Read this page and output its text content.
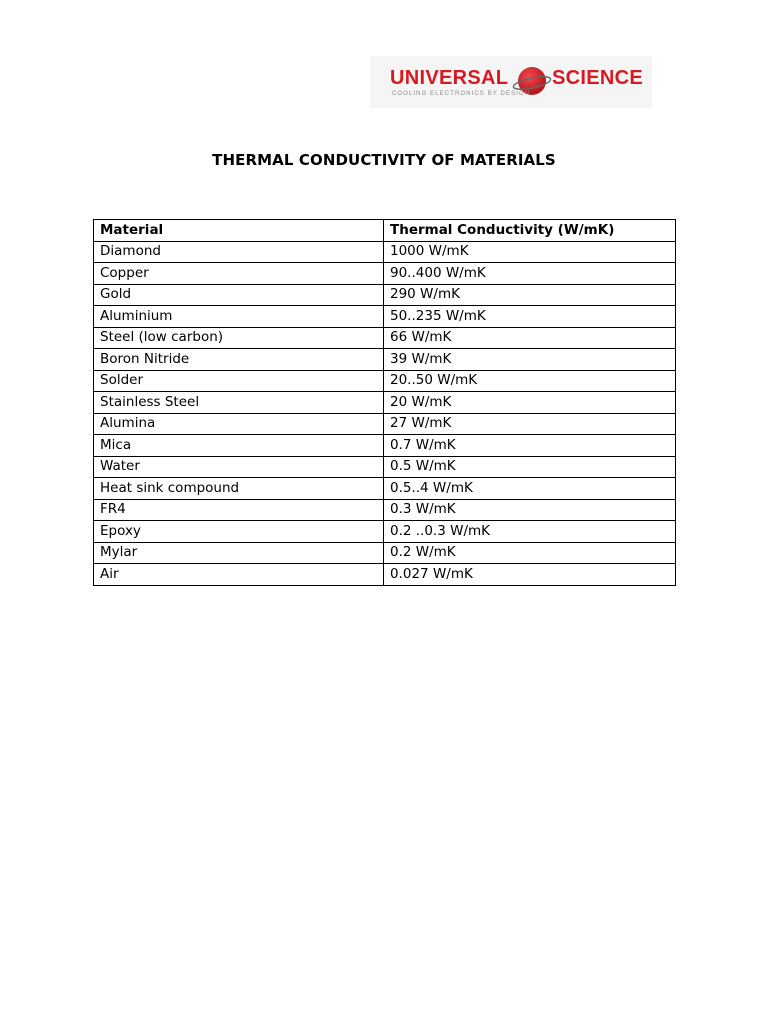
UNIVERSAL SCIENCE
COOLING ELECTRONICS BY DESIGN
THERMAL CONDUCTIVITY OF MATERIALS
Material	Thermal Conductivity (W/mK)
Diamond	1000 W/mK
Copper	90..400 W/mK
Gold	290 W/mK
Aluminium	50..235 W/mK
Steel (low carbon)	66 W/mK
Boron Nitride	39 W/mK
Solder	20..50 W/mK
Stainless Steel	20 W/mK
Alumina	27 W/mK
Mica	0.7 W/mK
Water	0.5 W/mK
Heat sink compound	0.5..4 W/mK
FR4	0.3 W/mK
Epoxy	0.2 ..0.3 W/mK
Mylar	0.2 W/mK
Air	0.027 W/mK
